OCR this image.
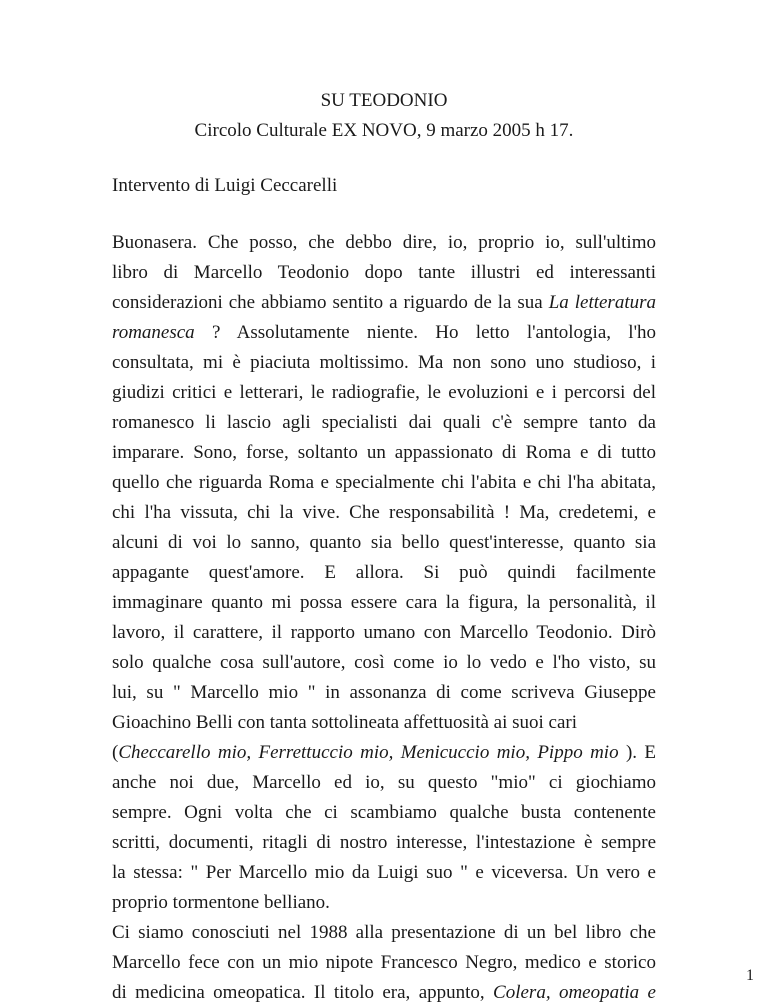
SU TEODONIO
Circolo Culturale EX NOVO, 9 marzo 2005 h 17.
Intervento di Luigi Ceccarelli
Buonasera. Che posso, che debbo dire, io, proprio io, sull'ultimo
libro di Marcello Teodonio dopo tante illustri ed interessanti
considerazioni che abbiamo sentito a riguardo de la sua La letteratura
romanesca ? Assolutamente niente. Ho letto l'antologia, l'ho
consultata, mi è piaciuta moltissimo. Ma non sono uno studioso, i
giudizi critici e letterari, le radiografie, le evoluzioni e i percorsi del
romanesco li lascio agli specialisti dai quali c'è sempre tanto da
imparare. Sono, forse, soltanto un appassionato di Roma e di tutto
quello che riguarda Roma e specialmente chi l'abita e chi l'ha abitata,
chi l'ha vissuta, chi la vive. Che responsabilità ! Ma, credetemi, e
alcuni di voi lo sanno, quanto sia bello quest'interesse, quanto sia
appagante quest'amore. E allora. Si può quindi facilmente
immaginare quanto mi possa essere cara la figura, la personalità, il
lavoro, il carattere, il rapporto umano con Marcello Teodonio. Dirò
solo qualche cosa sull'autore, così come io lo vedo e l'ho visto, su
lui, su " Marcello mio " in assonanza di come scriveva Giuseppe
Gioachino Belli con tanta sottolineata affettuosità ai suoi cari
(Checcarello mio, Ferrettuccio mio, Menicuccio mio, Pippo mio ). E
anche noi due, Marcello ed io, su questo "mio" ci giochiamo
sempre. Ogni volta che ci scambiamo qualche busta contenente
scritti, documenti, ritagli di nostro interesse, l'intestazione è sempre
la stessa: " Per Marcello mio da Luigi suo " e viceversa. Un vero e
proprio tormentone belliano.
Ci siamo conosciuti nel 1988 alla presentazione di un bel libro che
Marcello fece con un mio nipote Francesco Negro, medico e storico
di medicina omeopatica. Il titolo era, appunto, Colera, omeopatia e
1
